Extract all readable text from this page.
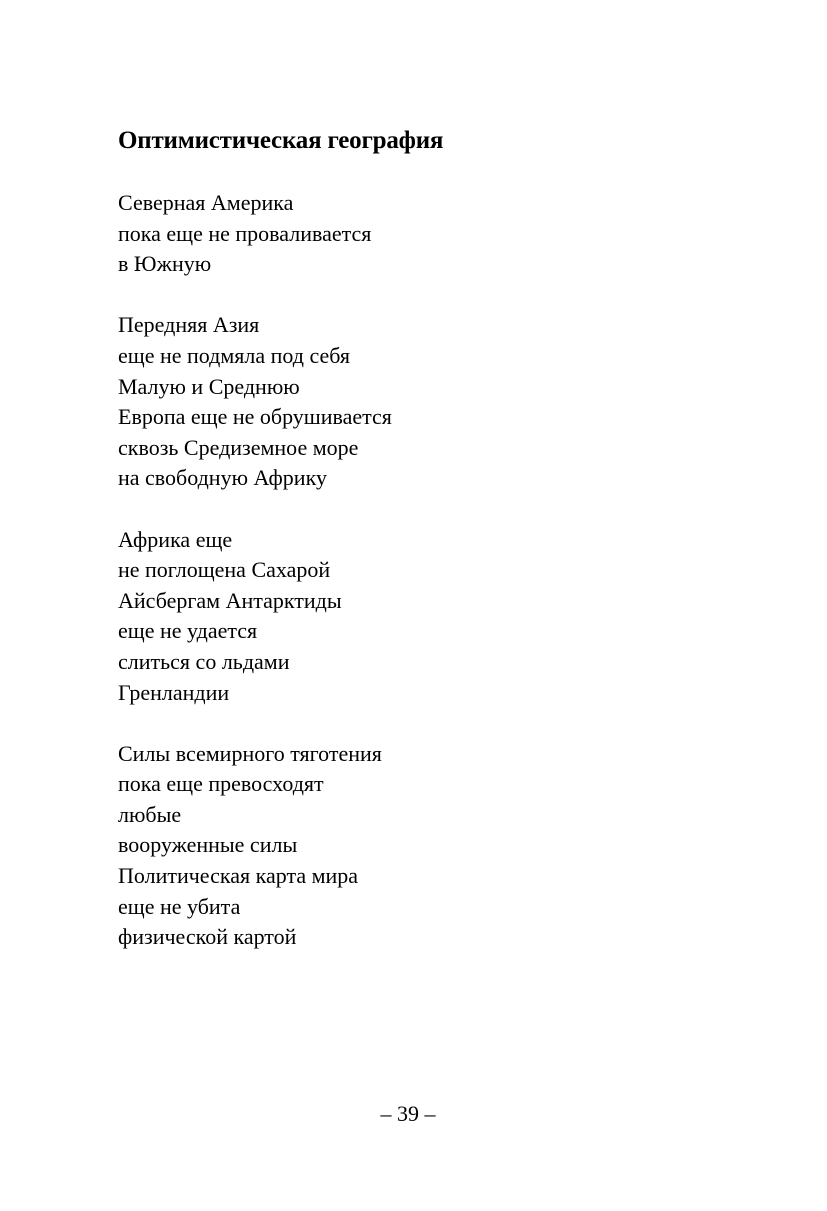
Оптимистическая география
Северная Америка
пока еще не проваливается
в Южную
Передняя Азия
еще не подмяла под себя
Малую и Среднюю
Европа еще не обрушивается
сквозь Средиземное море
на свободную Африку
Африка еще
не поглощена Сахарой
Айсбергам Антарктиды
еще не удается
слиться со льдами
Гренландии
Силы всемирного тяготения
пока еще превосходят
любые
вооруженные силы
Политическая карта мира
еще не убита
физической картой
– 39 –
